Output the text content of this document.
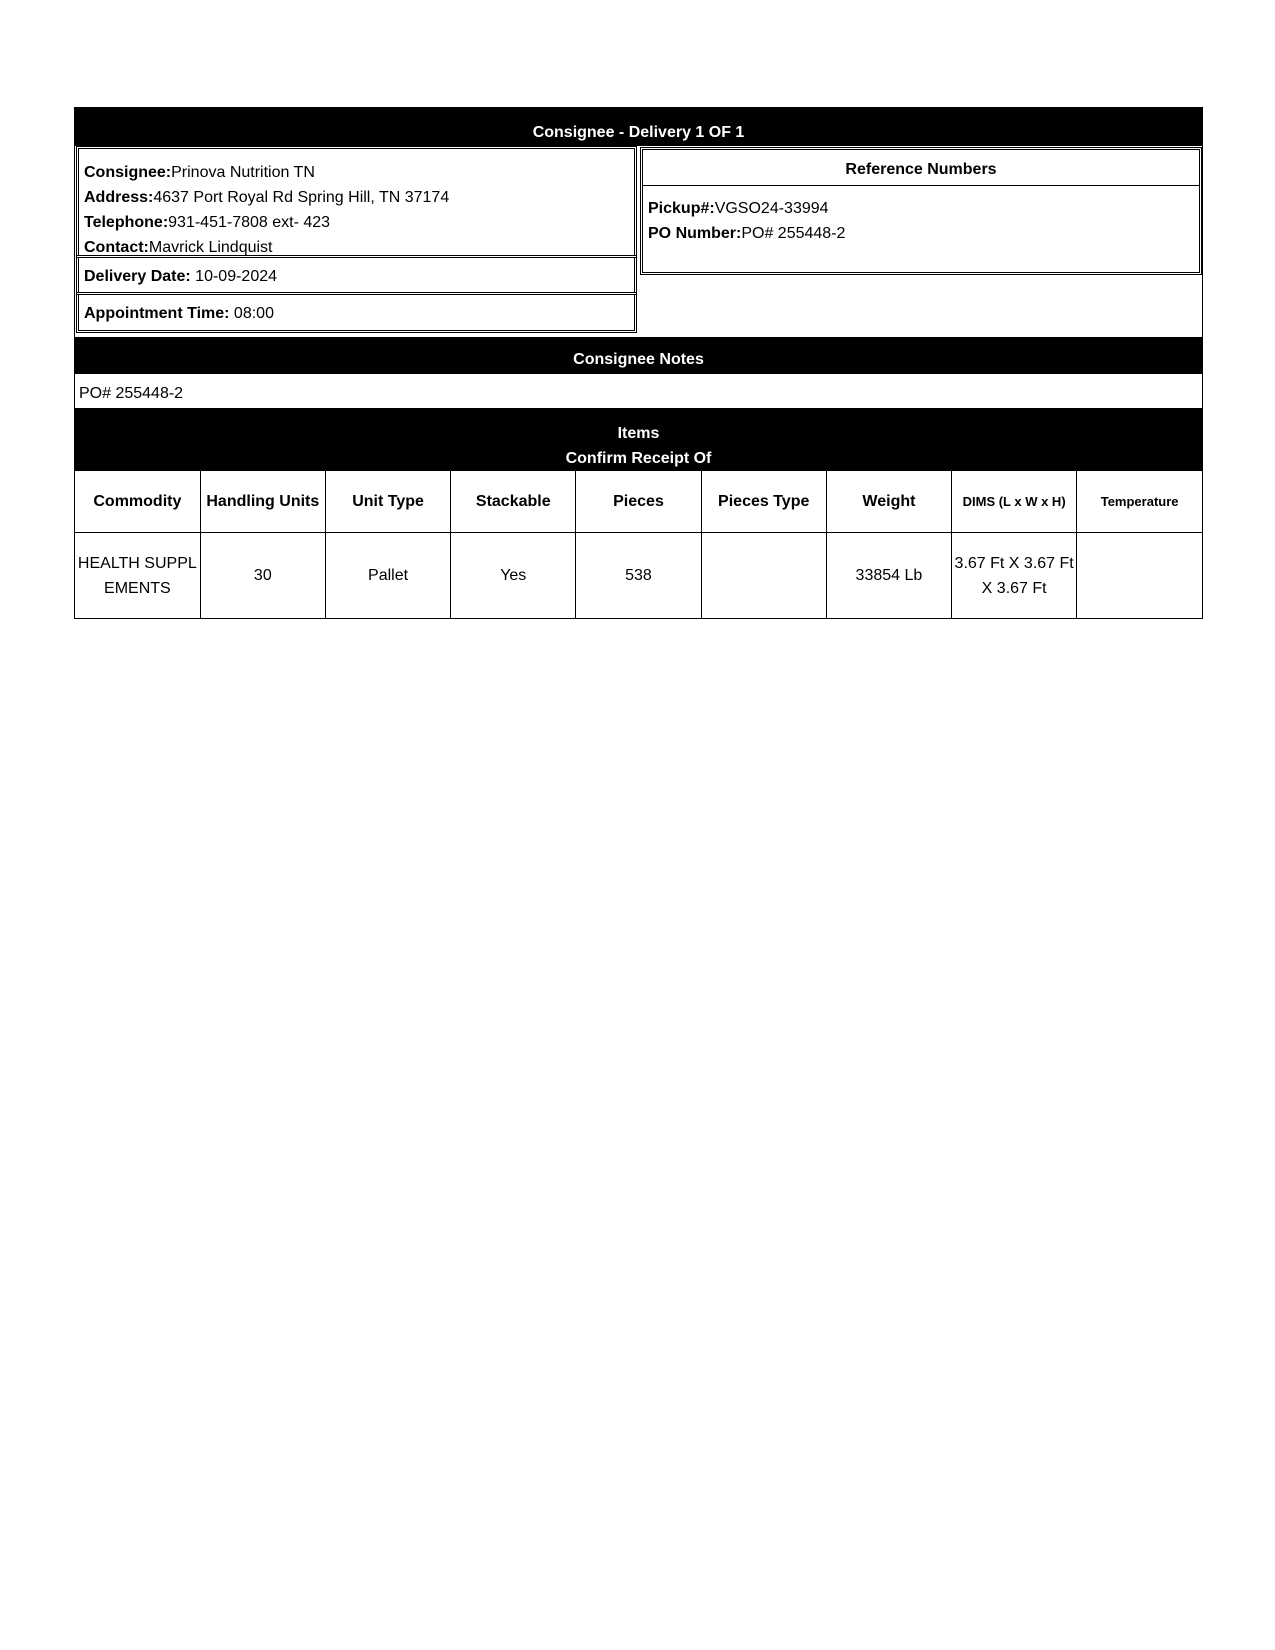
Consignee - Delivery 1 OF 1
Consignee:Prinova Nutrition TN
Address:4637 Port Royal Rd Spring Hill, TN 37174
Telephone:931-451-7808 ext- 423
Contact:Mavrick Lindquist
Delivery Date: 10-09-2024
Appointment Time: 08:00
Reference Numbers
Pickup#:VGSO24-33994
PO Number:PO# 255448-2
Consignee Notes
PO# 255448-2
Items
Confirm Receipt Of
Commodity	Handling Units	Unit Type	Stackable	Pieces	Pieces Type	Weight	DIMS (L x W x H)	Temperature
HEALTH SUPPLEMENTS	30	Pallet	Yes	538		33854 Lb	3.67 Ft X 3.67 Ft X 3.67 Ft	
